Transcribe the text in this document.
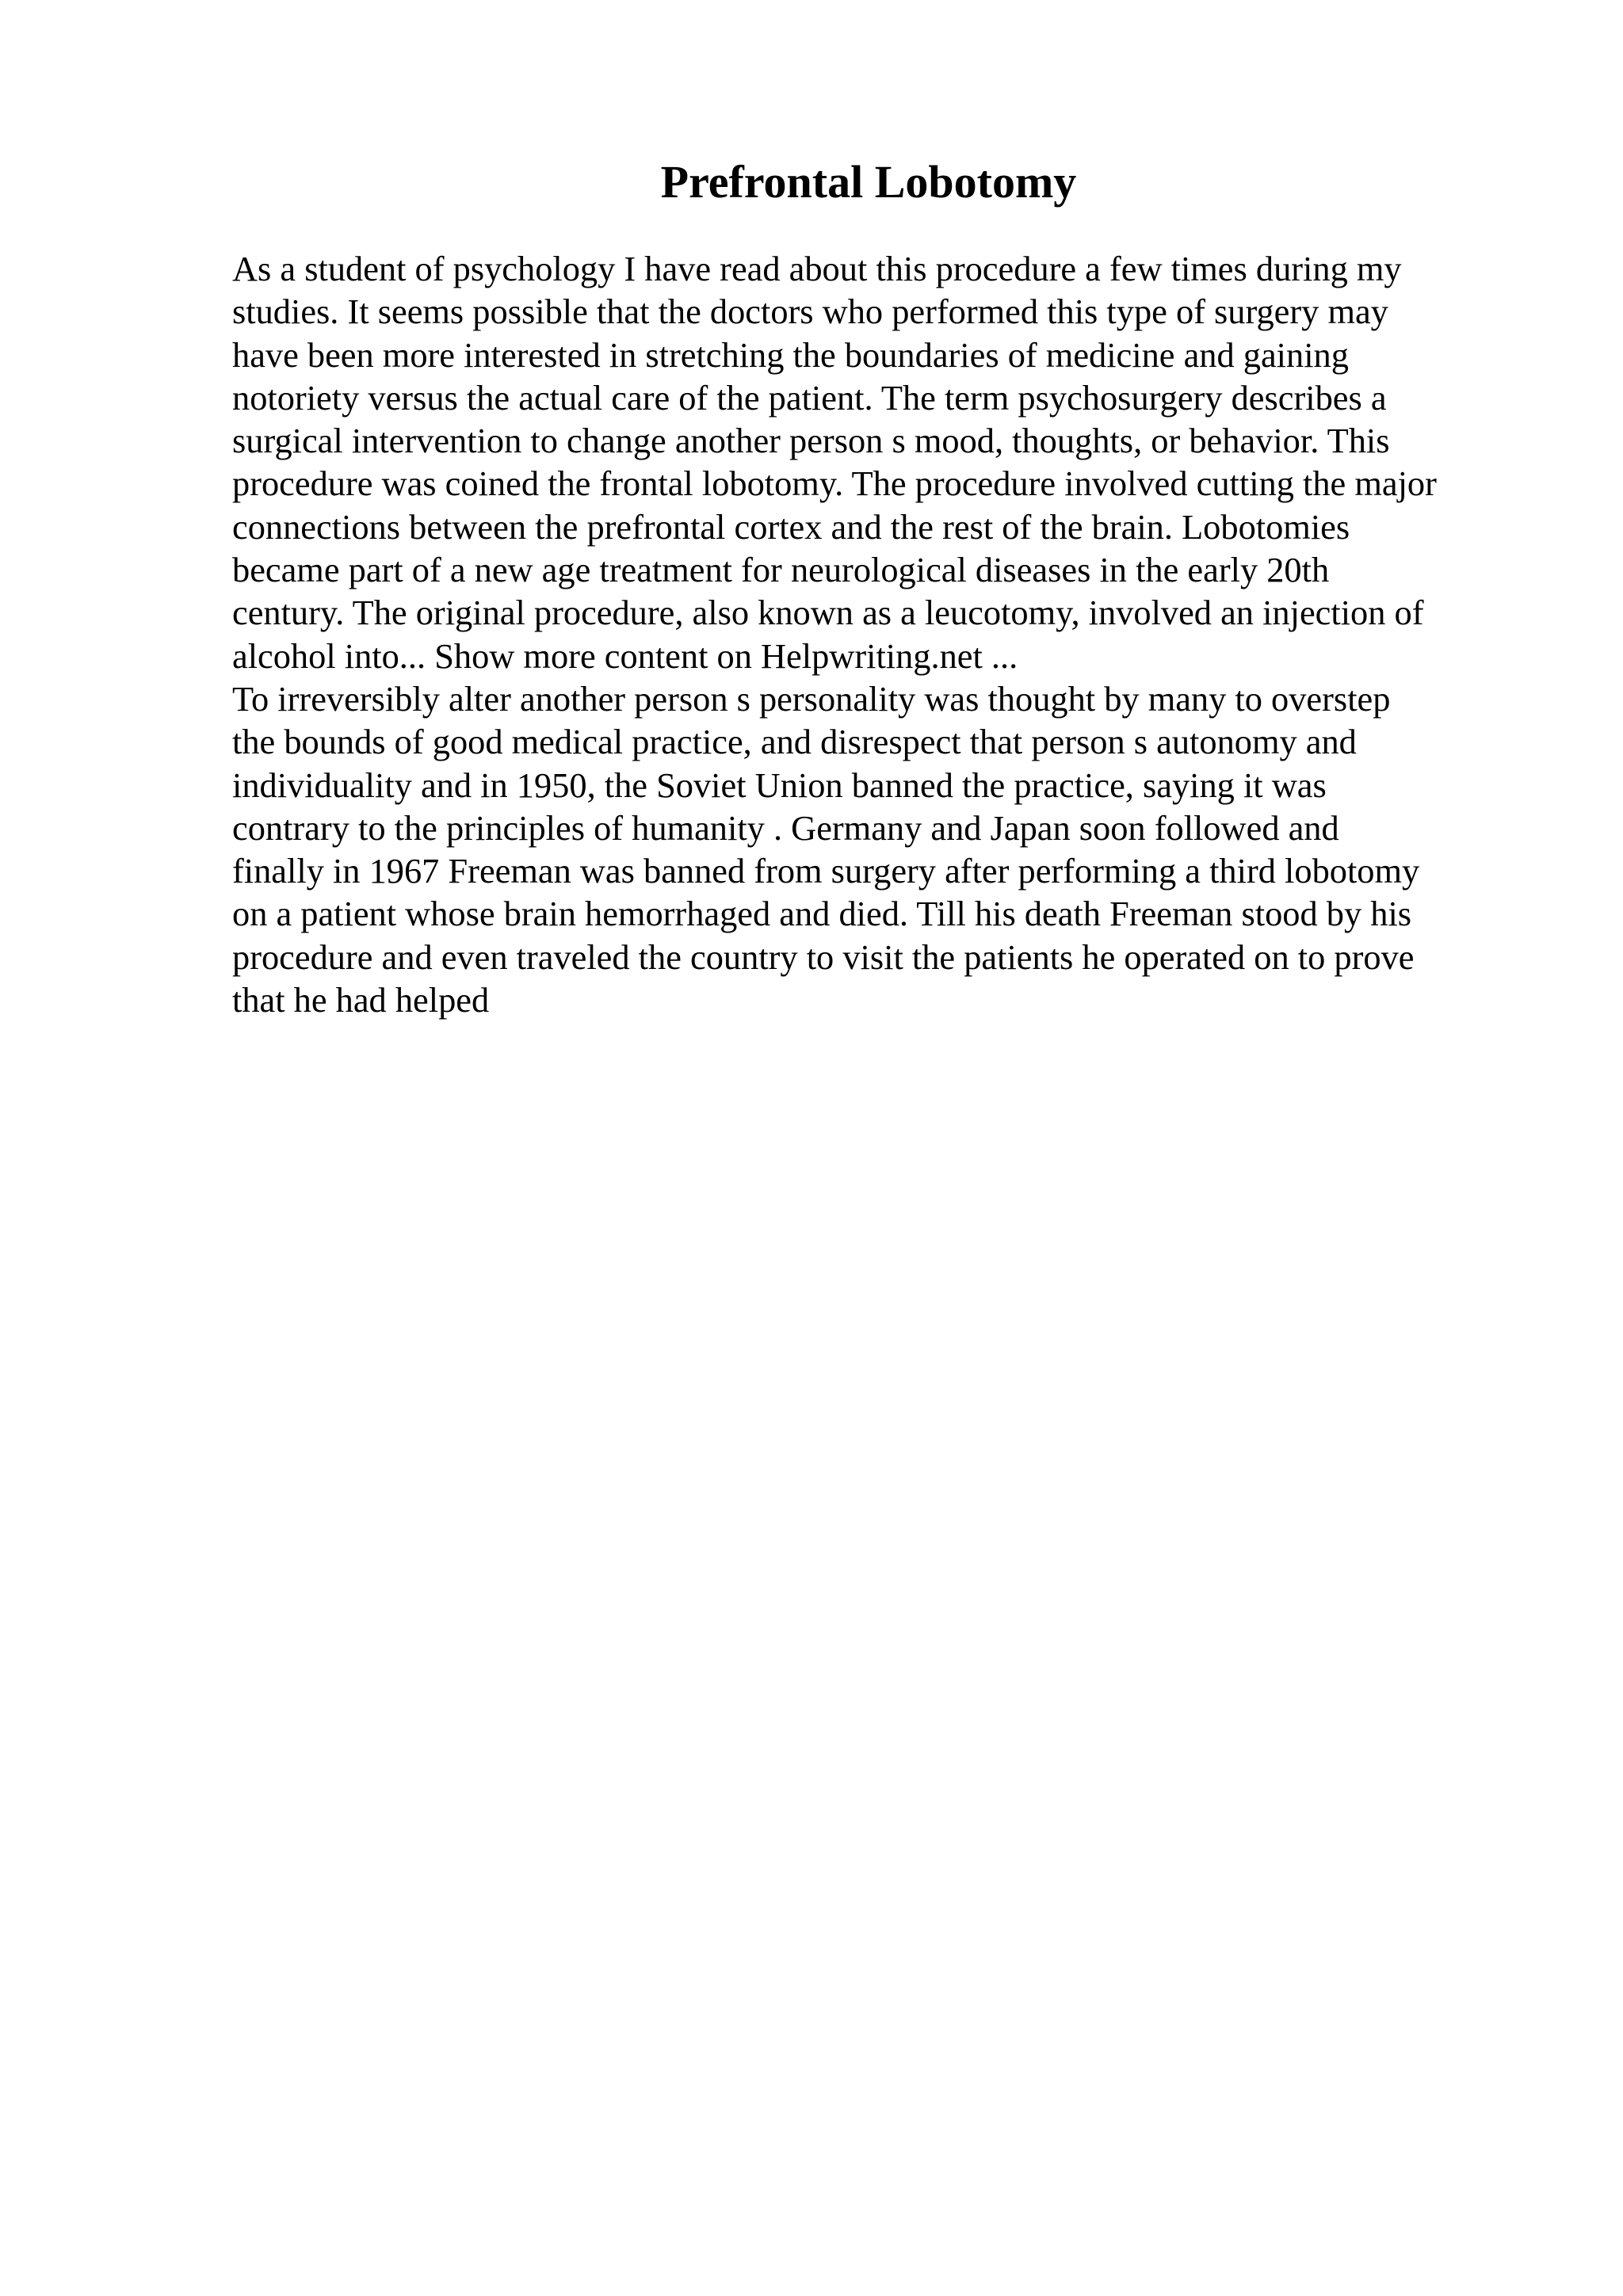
Prefrontal Lobotomy
As a student of psychology I have read about this procedure a few times during my
studies. It seems possible that the doctors who performed this type of surgery may
have been more interested in stretching the boundaries of medicine and gaining
notoriety versus the actual care of the patient. The term psychosurgery describes a
surgical intervention to change another person s mood, thoughts, or behavior. This
procedure was coined the frontal lobotomy. The procedure involved cutting the major
connections between the prefrontal cortex and the rest of the brain. Lobotomies
became part of a new age treatment for neurological diseases in the early 20th
century. The original procedure, also known as a leucotomy, involved an injection of
alcohol into... Show more content on Helpwriting.net ...
To irreversibly alter another person s personality was thought by many to overstep
the bounds of good medical practice, and disrespect that person s autonomy and
individuality and in 1950, the Soviet Union banned the practice, saying it was
contrary to the principles of humanity . Germany and Japan soon followed and
finally in 1967 Freeman was banned from surgery after performing a third lobotomy
on a patient whose brain hemorrhaged and died. Till his death Freeman stood by his
procedure and even traveled the country to visit the patients he operated on to prove
that he had helped
